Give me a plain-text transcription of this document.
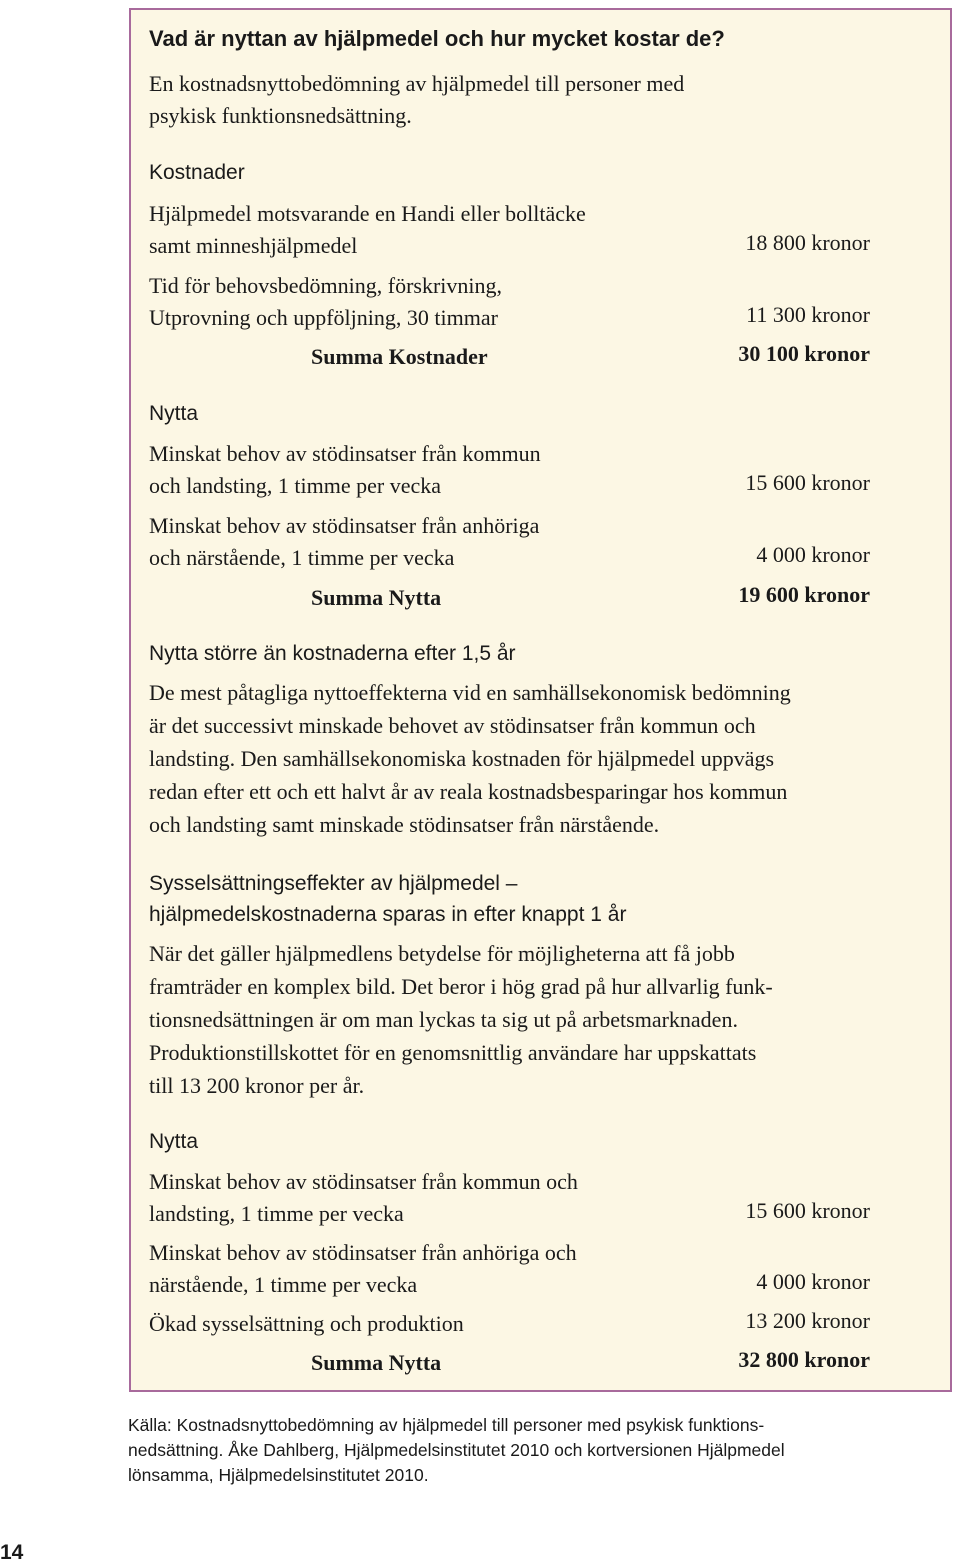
Vad är nyttan av hjälpmedel och hur mycket kostar de?
En kostnadsnyttobedömning av hjälpmedel till personer med
psykisk funktionsnedsättning.
Kostnader
Hjälpmedel motsvarande en Handi eller bolltäcke
samt minneshjälpmedel	18 800 kronor
Tid för behovsbedömning, förskrivning,
Utprovning och uppföljning, 30 timmar	11 300 kronor
Summa Kostnader	30 100 kronor
Nytta
Minskat behov av stödinsatser från kommun
och landsting, 1 timme per vecka	15 600 kronor
Minskat behov av stödinsatser från anhöriga
och närstående, 1 timme per vecka	4 000 kronor
Summa Nytta	19 600 kronor
Nytta större än kostnaderna efter 1,5 år
De mest påtagliga nyttoeffekterna vid en samhällsekonomisk bedömning
är det successivt minskade behovet av stödinsatser från kommun och
landsting. Den samhällsekonomiska kostnaden för hjälpmedel uppvägs
redan efter ett och ett halvt år av reala kostnadsbesparingar hos kommun
och landsting samt minskade stödinsatser från närstående.
Sysselsättningseffekter av hjälpmedel –
hjälpmedelskostnaderna sparas in efter knappt 1 år
När det gäller hjälpmedlens betydelse för möjligheterna att få jobb
framträder en komplex bild. Det beror i hög grad på hur allvarlig funk-
tionsnedsättningen är om man lyckas ta sig ut på arbetsmarknaden.
Produktionstillskottet för en genomsnittlig användare har uppskattats
till 13 200 kronor per år.
Nytta
Minskat behov av stödinsatser från kommun och
landsting, 1 timme per vecka	15 600 kronor
Minskat behov av stödinsatser från anhöriga och
närstående, 1 timme per vecka	4 000 kronor
Ökad sysselsättning och produktion	13 200 kronor
Summa Nytta	32 800 kronor
Källa: Kostnadsnyttobedömning av hjälpmedel till personer med psykisk funktions-
nedsättning. Åke Dahlberg, Hjälpmedelsinstitutet 2010 och kortversionen Hjälpmedel
lönsamma, Hjälpmedelsinstitutet 2010.
14
